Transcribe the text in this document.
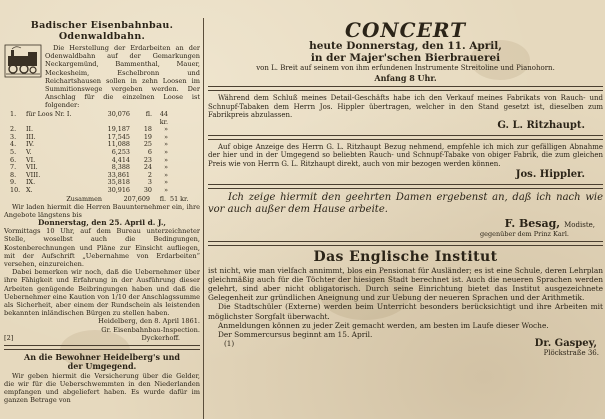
Badischer Eisenbahnbau.
Odenwaldbahn.

Die Herstellung der Erdarbeiten an der Odenwaldbahn auf der Gemarkungen Neckargemünd, Bammenthal, Mauer, Meckesheim, Eschelbronn und Reichartshausen sollen in zehn Loosen im Summitionswege vergeben werden. Der Anschlag für die einzelnen Loose ist folgender:

1.	für Loos Nr. I.	30,076	fl.	44 kr.
2.	II.	19,187	18	»
3.	III.	17,545	19	»
4.	IV.	11,088	25	»
5.	V.	6,253	6	»
6.	VI.	4,414	23	»
7.	VII.	8,388	24	»
8.	VIII.	33,861	2	»
9.	IX.	35,818	3	»
10. X.	30,916	30	»
Zusammen	207,609	fl. 51 kr.

Wir laden hiermit die Herren Bauunternehmer ein, ihre Angebote längstens bis

Donnerstag, den 25. April d. J.,

Vormittags 10 Uhr, auf dem Bureau unterzeichneter Stelle, woselbst auch die Bedingungen, Kostenberechnungen und Pläne zur Einsicht aufliegen, mit der Aufschrift „Uebernahme von Erdarbeiten“ versehen, einzureichen.

Dabei bemerken wir noch, daß die Uebernehmer über ihre Fähigkeit und Erfahrung in der Ausführung dieser Arbeiten genügende Beibringungen haben und daß die Uebernehmer eine Kaution von 1/10 der Anschlagssumme als Sicherheit, aber einem der Rundschein als leistenden bekannten inländischen Bürgen zu stellen haben.

Heidelberg, den 8. April 1861.

Gr. Eisenbahnbau-Inspection.

[2]	Dyckerhoff.
An die Bewohner Heidelberg's und
der Umgegend.

Wir geben hiermit die Versicherung über die Gelder, die wir für die Ueberschwemmten in den Niederlanden empfangen und abgeliefert haben. Es wurde dafür im ganzen Betrage von

CONCERT
heute Donnerstag, den 11. April,
in der Majer'schen Bierbrauerei
von L. Breit auf seinem von ihm erfundenen Instrumente Streitoline und Pianohorn.
Anfang 8 Uhr.

Während dem Schluß meines Detail-Geschäfts habe ich den Verkauf meines Fabrikats von Rauch- und Schnupf-Tabaken dem Herrn Jos. Hippler übertragen, welcher in den Stand gesetzt ist, dieselben zum Fabrikpreis abzulassen.

G. L. Ritzhaupt.

Auf obige Anzeige des Herrn G. L. Ritzhaupt Bezug nehmend, empfehle ich mich zur gefälligen Abnahme der hier und in der Umgegend so beliebten Rauch- und Schnupf-Tabake von obiger Fabrik, die zum gleichen Preis wie von Herrn G. L. Ritzhaupt direkt, auch von mir bezogen werden können.

Jos. Hippler.

Ich zeige hiermit den geehrten Damen ergebenst an, daß ich nach wie vor auch außer dem Hause arbeite.

F. Besag, Modiste,
gegenüber dem Prinz Karl.
Das Englische Institut

ist nicht, wie man vielfach annimmt, blos ein Pensionat für Ausländer; es ist eine Schule, deren Lehrplan gleichmäßig auch für die Töchter der hiesigen Stadt berechnet ist. Auch die neueren Sprachen werden gelehrt, sind aber nicht obligatorisch. Durch seine Einrichtung bietet das Institut ausgezeichnete Gelegenheit zur gründlichen Aneignung und zur Uebung der neueren Sprachen und der Arithmetik.

Die Stadtschüler (Externe) werden beim Unterricht besonders berücksichtigt und ihre Arbeiten mit möglichster Sorgfalt überwacht.

Anmeldungen können zu jeder Zeit gemacht werden, am besten im Laufe dieser Woche.

Der Sommercursus beginnt am 15. April.

(1)	Dr. Gaspey,
Plöckstraße 36.
